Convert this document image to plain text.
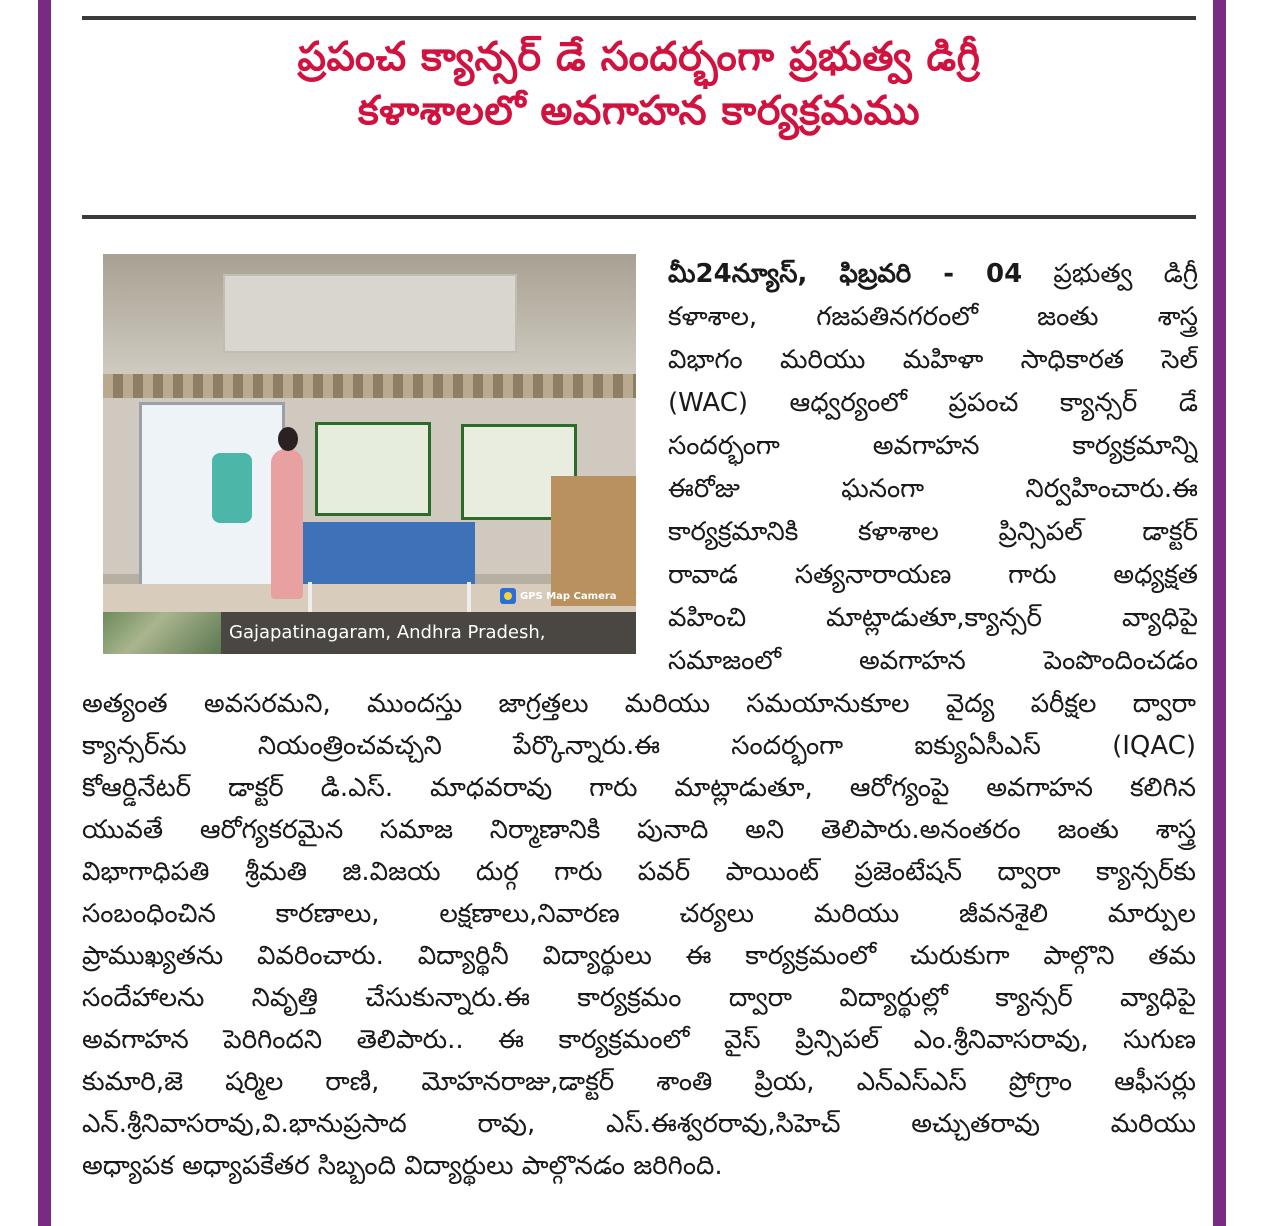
ప్రపంచ క్యాన్సర్ డే సందర్భంగా ప్రభుత్వ డిగ్రీ
కళాశాలలో అవగాహన కార్యక్రమము
GPS Map Camera
Gajapatinagaram, Andhra Pradesh,
మీ24న్యూస్, ఫిబ్రవరి - 04 ప్రభుత్వ డిగ్రీ
కళాశాల, గజపతినగరంలో జంతు శాస్త్ర
విభాగం మరియు మహిళా సాధికారత సెల్
(WAC) ఆధ్వర్యంలో ప్రపంచ క్యాన్సర్ డే
సందర్భంగా అవగాహన కార్యక్రమాన్ని
ఈరోజు ఘనంగా నిర్వహించారు.ఈ
కార్యక్రమానికి కళాశాల ప్రిన్సిపల్ డాక్టర్
రావాడ సత్యనారాయణ గారు అధ్యక్షత
వహించి మాట్లాడుతూ,క్యాన్సర్ వ్యాధిపై
సమాజంలో అవగాహన పెంపొందించడం
అత్యంత అవసరమని, ముందస్తు జాగ్రత్తలు మరియు సమయానుకూల వైద్య పరీక్షల ద్వారా
క్యాన్సర్‌ను నియంత్రించవచ్చని పేర్కొన్నారు.ఈ సందర్భంగా ఐక్యుఏసీఎస్ (IQAC)
కోఆర్డినేటర్ డాక్టర్ డి.ఎస్. మాధవరావు గారు మాట్లాడుతూ, ఆరోగ్యంపై అవగాహన కలిగిన
యువతే ఆరోగ్యకరమైన సమాజ నిర్మాణానికి పునాది అని తెలిపారు.అనంతరం జంతు శాస్త్ర
విభాగాధిపతి శ్రీమతి జి.విజయ దుర్గ గారు పవర్ పాయింట్ ప్రజెంటేషన్ ద్వారా క్యాన్సర్‌కు
సంబంధించిన కారణాలు, లక్షణాలు,నివారణ చర్యలు మరియు జీవనశైలి మార్పుల
ప్రాముఖ్యతను వివరించారు. విద్యార్థినీ విద్యార్థులు ఈ కార్యక్రమంలో చురుకుగా పాల్గొని తమ
సందేహాలను నివృత్తి చేసుకున్నారు.ఈ కార్యక్రమం ద్వారా విద్యార్థుల్లో క్యాన్సర్ వ్యాధిపై
అవగాహన పెరిగిందని తెలిపారు.. ఈ కార్యక్రమంలో వైస్ ప్రిన్సిపల్ ఎం.శ్రీనివాసరావు, సుగుణ
కుమారి,జె షర్మిల రాణి, మోహనరాజు,డాక్టర్ శాంతి ప్రియ, ఎన్ఎస్ఎస్ ప్రోగ్రాం ఆఫీసర్లు
ఎన్.శ్రీనివాసరావు,వి.భానుప్రసాద రావు, ఎస్.ఈశ్వరరావు,సిహెచ్ అచ్చుతరావు మరియు
అధ్యాపక అధ్యాపకేతర సిబ్బంది విద్యార్థులు పాల్గొనడం జరిగింది.
